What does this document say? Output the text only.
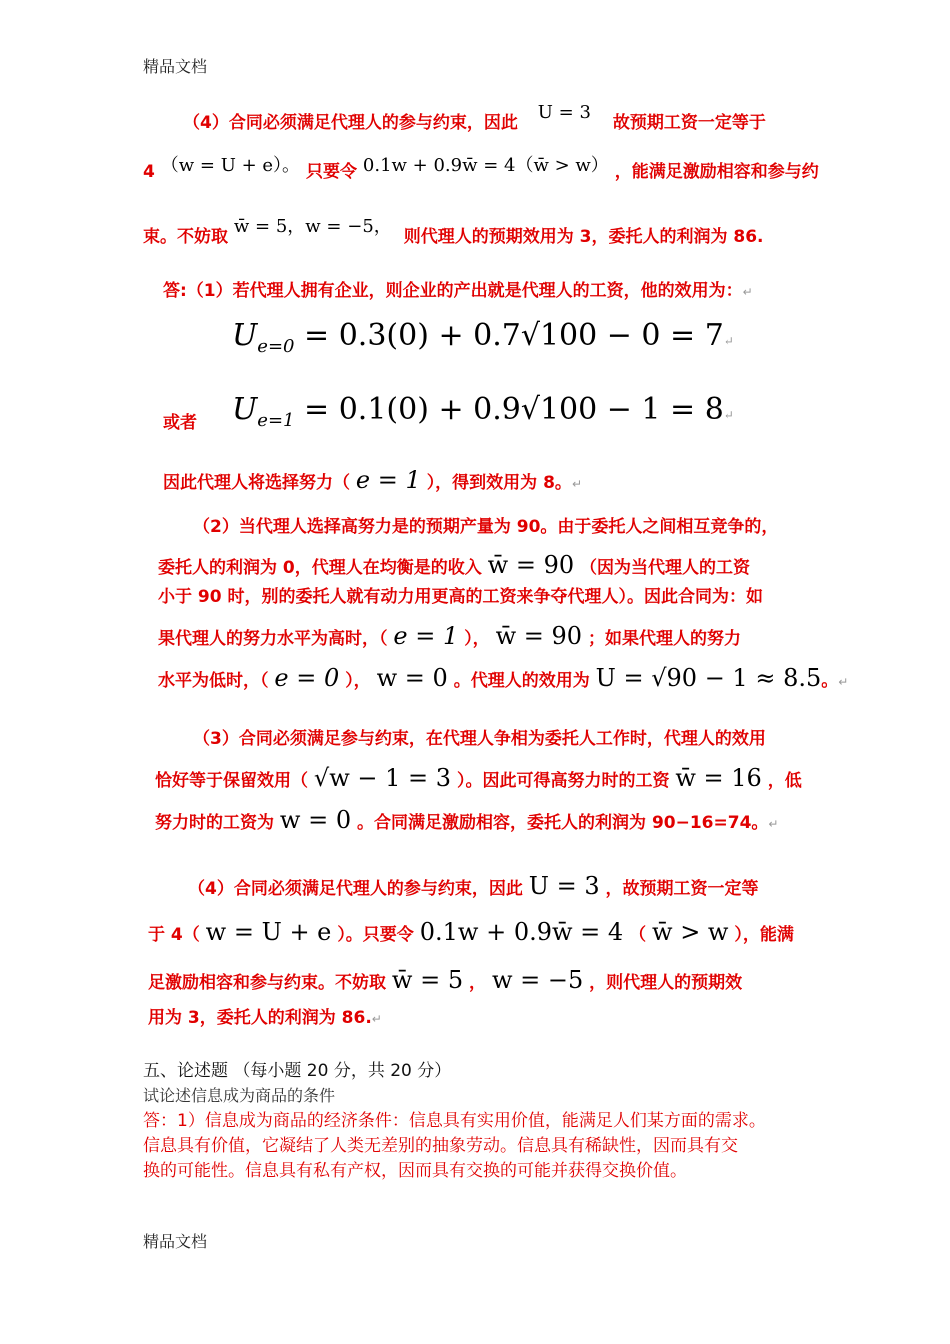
精品文档
（4）合同必须满足代理人的参与约束，因此 U = 3 故预期工资一定等于
4 （w = U + e）。 只要令 0.1w + 0.9w̄ = 4（w̄ > w） ，能满足激励相容和参与约
束。不妨取 w̄ = 5，w = −5， 则代理人的预期效用为 3，委托人的利润为 86.
答:（1）若代理人拥有企业，则企业的产出就是代理人的工资，他的效用为：↵
$U_{e=0} = 0.3(0) + 0.7√100 - 0$ = 7↵
或者 $U_{e=1} = 0.1(0) + 0.9√100 - 1$ = 8↵
因此代理人将选择努力（ e = 1 ），得到效用为 8。↵
（2）当代理人选择高努力是的预期产量为 90。由于委托人之间相互竞争的，
委托人的利润为 0，代理人在均衡是的收入 w̄ = 90 （因为当代理人的工资
小于 90 时，别的委托人就有动力用更高的工资来争夺代理人）。因此合同为：如
果代理人的努力水平为高时，（ e = 1 ）， w̄ = 90 ；如果代理人的努力
水平为低时，（ e = 0 ）， w = 0 。代理人的效用为 U = √90 − 1 ≈ 8.5。↵
（3）合同必须满足参与约束，在代理人争相为委托人工作时，代理人的效用
恰好等于保留效用（ √w − 1 = 3 ）。因此可得高努力时的工资 w̄ = 16 ，低
努力时的工资为 w = 0 。合同满足激励相容，委托人的利润为 90−16=74。↵
（4）合同必须满足代理人的参与约束，因此 U = 3 ，故预期工资一定等
于 4（ w = U + e ）。只要令 0.1w + 0.9w̄ = 4 （ w̄ > w ），能满
足激励相容和参与约束。不妨取 w̄ = 5 ， w = −5 ，则代理人的预期效
用为 3，委托人的利润为 86.↵
五、论述题 （每小题 20 分，共 20 分）
试论述信息成为商品的条件
答：1）信息成为商品的经济条件：信息具有实用价值，能满足人们某方面的需求。
信息具有价值，它凝结了人类无差别的抽象劳动。信息具有稀缺性，因而具有交
换的可能性。信息具有私有产权，因而具有交换的可能并获得交换价值。
精品文档
